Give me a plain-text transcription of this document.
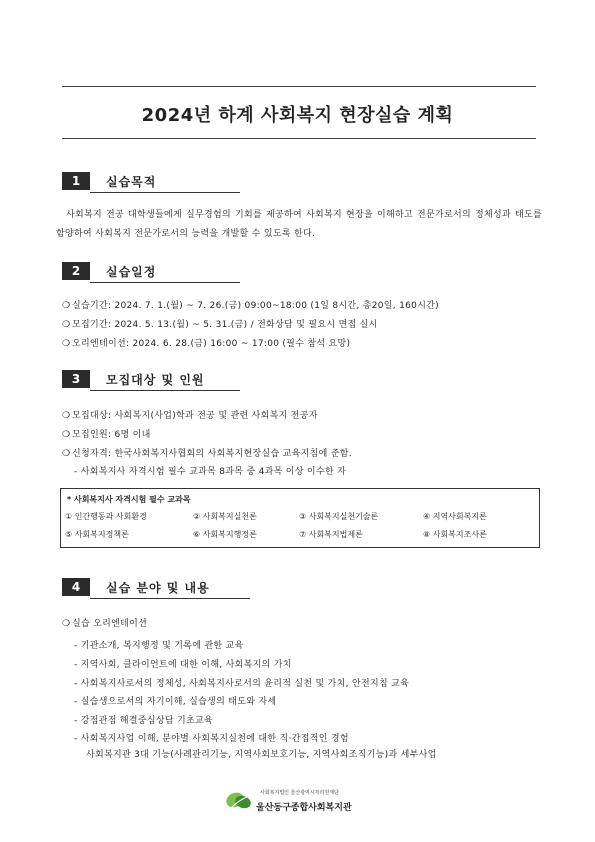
2024년 하계 사회복지 현장실습 계획
1	실습목적
사회복지 전공 대학생들에게 실무경험의 기회를 제공하여 사회복지 현장을 이해하고 전문가로서의 정체성과 태도를 함양하여 사회복지 전문가로서의 능력을 개발할 수 있도록 한다.
2	실습일정
❍ 실습기간: 2024. 7. 1.(월) ~ 7. 26.(금) 09:00~18:00 (1일 8시간, 총20일, 160시간)
❍ 모집기간: 2024. 5. 13.(월) ~ 5. 31.(금) / 전화상담 및 필요시 면접 실시
❍ 오리엔테이션: 2024. 6. 28.(금) 16:00 ~ 17:00 (필수 참석 요망)
3	모집대상 및 인원
❍ 모집대상: 사회복지(사업)학과 전공 및 관련 사회복지 전공자
❍ 모집인원: 6명 이내
❍ 신청자격: 한국사회복지사협회의 사회복지현장실습 교육지침에 준함.
- 사회복지사 자격시험 필수 교과목 8과목 중 4과목 이상 이수한 자
* 사회복지사 자격시험 필수 교과목
① 인간행동과 사회환경	② 사회복지실천론	③ 사회복지실천기술론	④ 지역사회복지론
⑤ 사회복지정책론	⑥ 사회복지행정론	⑦ 사회복지법제론	⑧ 사회복지조사론
4	실습 분야 및 내용
❍ 실습 오리엔테이션
- 기관소개, 복지행정 및 기록에 관한 교육
- 지역사회, 클라이언트에 대한 이해, 사회복지의 가치
- 사회복지사로서의 정체성, 사회복지사로서의 윤리적 실천 및 가치, 안전지침 교육
- 실습생으로서의 자기이해, 실습생의 태도와 자세
- 강점관점 해결중심상담 기초교육
- 사회복지사업 이해, 분야별 사회복지실천에 대한 직·간접적인 경험
사회복지관 3대 기능(사례관리기능, 지역사회보호기능, 지역사회조직기능)과 세부사업
사회복지법인 울산광역시처리원재단
울산동구종합사회복지관
